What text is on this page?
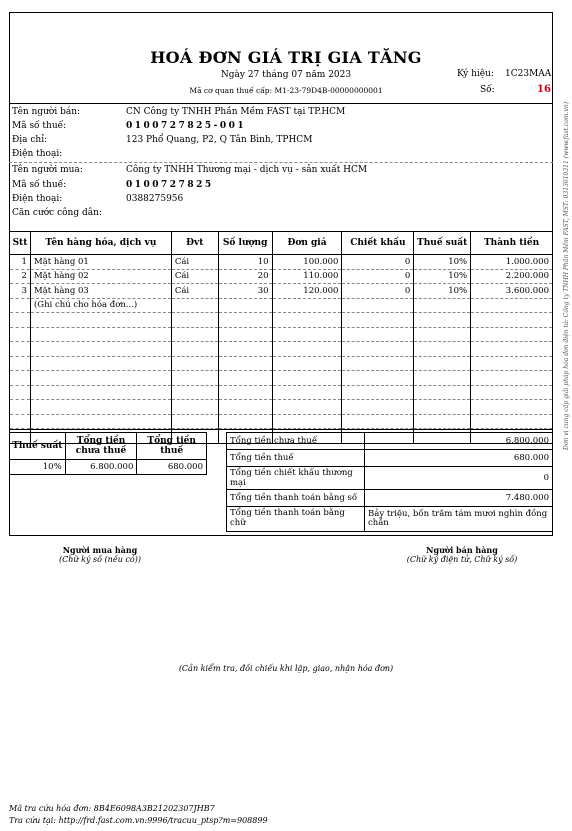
HOÁ ĐƠN GIÁ TRỊ GIA TĂNG
Ngày 27 tháng 07 năm 2023
Mã cơ quan thuế cấp: M1-23-79D4B-00000000001
Ký hiệu: 1C23MAA
Số:	16
Tên người bán:	CN Công ty TNHH Phần Mềm FAST tại TP.HCM
Mã số thuế:	0100727825-001
Địa chỉ:	123 Phổ Quang, P2, Q Tân Bình, TPHCM
Điện thoại:
Tên người mua:	Công ty TNHH Thương mại - dịch vụ - sản xuất HCM
Mã số thuế:	0100727825
Điện thoại:	0388275956
Căn cước công dân:
Stt	Tên hàng hóa, dịch vụ	Đvt	Số lượng	Đơn giá	Chiết khấu	Thuế suất	Thành tiền
1	Mặt hàng 01	Cái	10	100.000	0	10%	1.000.000
2	Mặt hàng 02	Cái	20	110.000	0	10%	2.200.000
3	Mặt hàng 03	Cái	30	120.000	0	10%	3.600.000
	(Ghi chú cho hóa đơn...)						

Thuế suất	Tổng tiền chưa thuế	Tổng tiền thuế
10%	6.800.000	680.000
Tổng tiền chưa thuế	6.800.000
Tổng tiền thuế	680.000
Tổng tiền chiết khấu thương mại	0
Tổng tiền thanh toán bằng số	7.480.000
Tổng tiền thanh toán bằng chữ	Bảy triệu, bốn trăm tám mươi nghìn đồng chẵn
Người mua hàng
(Chữ ký số (nếu có))
Người bán hàng
(Chữ ký điện tử, Chữ ký số)
(Cần kiểm tra, đối chiếu khi lập, giao, nhận hóa đơn)
Đơn vị cung cấp giải pháp hóa đơn điện tử: Công ty TNHH Phần Mềm FAST, MST: 0313610311 (www.fast.com.vn)
Mã tra cứu hóa đơn: 8B4E6098A3B21202307JHB7
Tra cứu tại: http://frd.fast.com.vn:9996/tracuu_ptsp?m=908899
